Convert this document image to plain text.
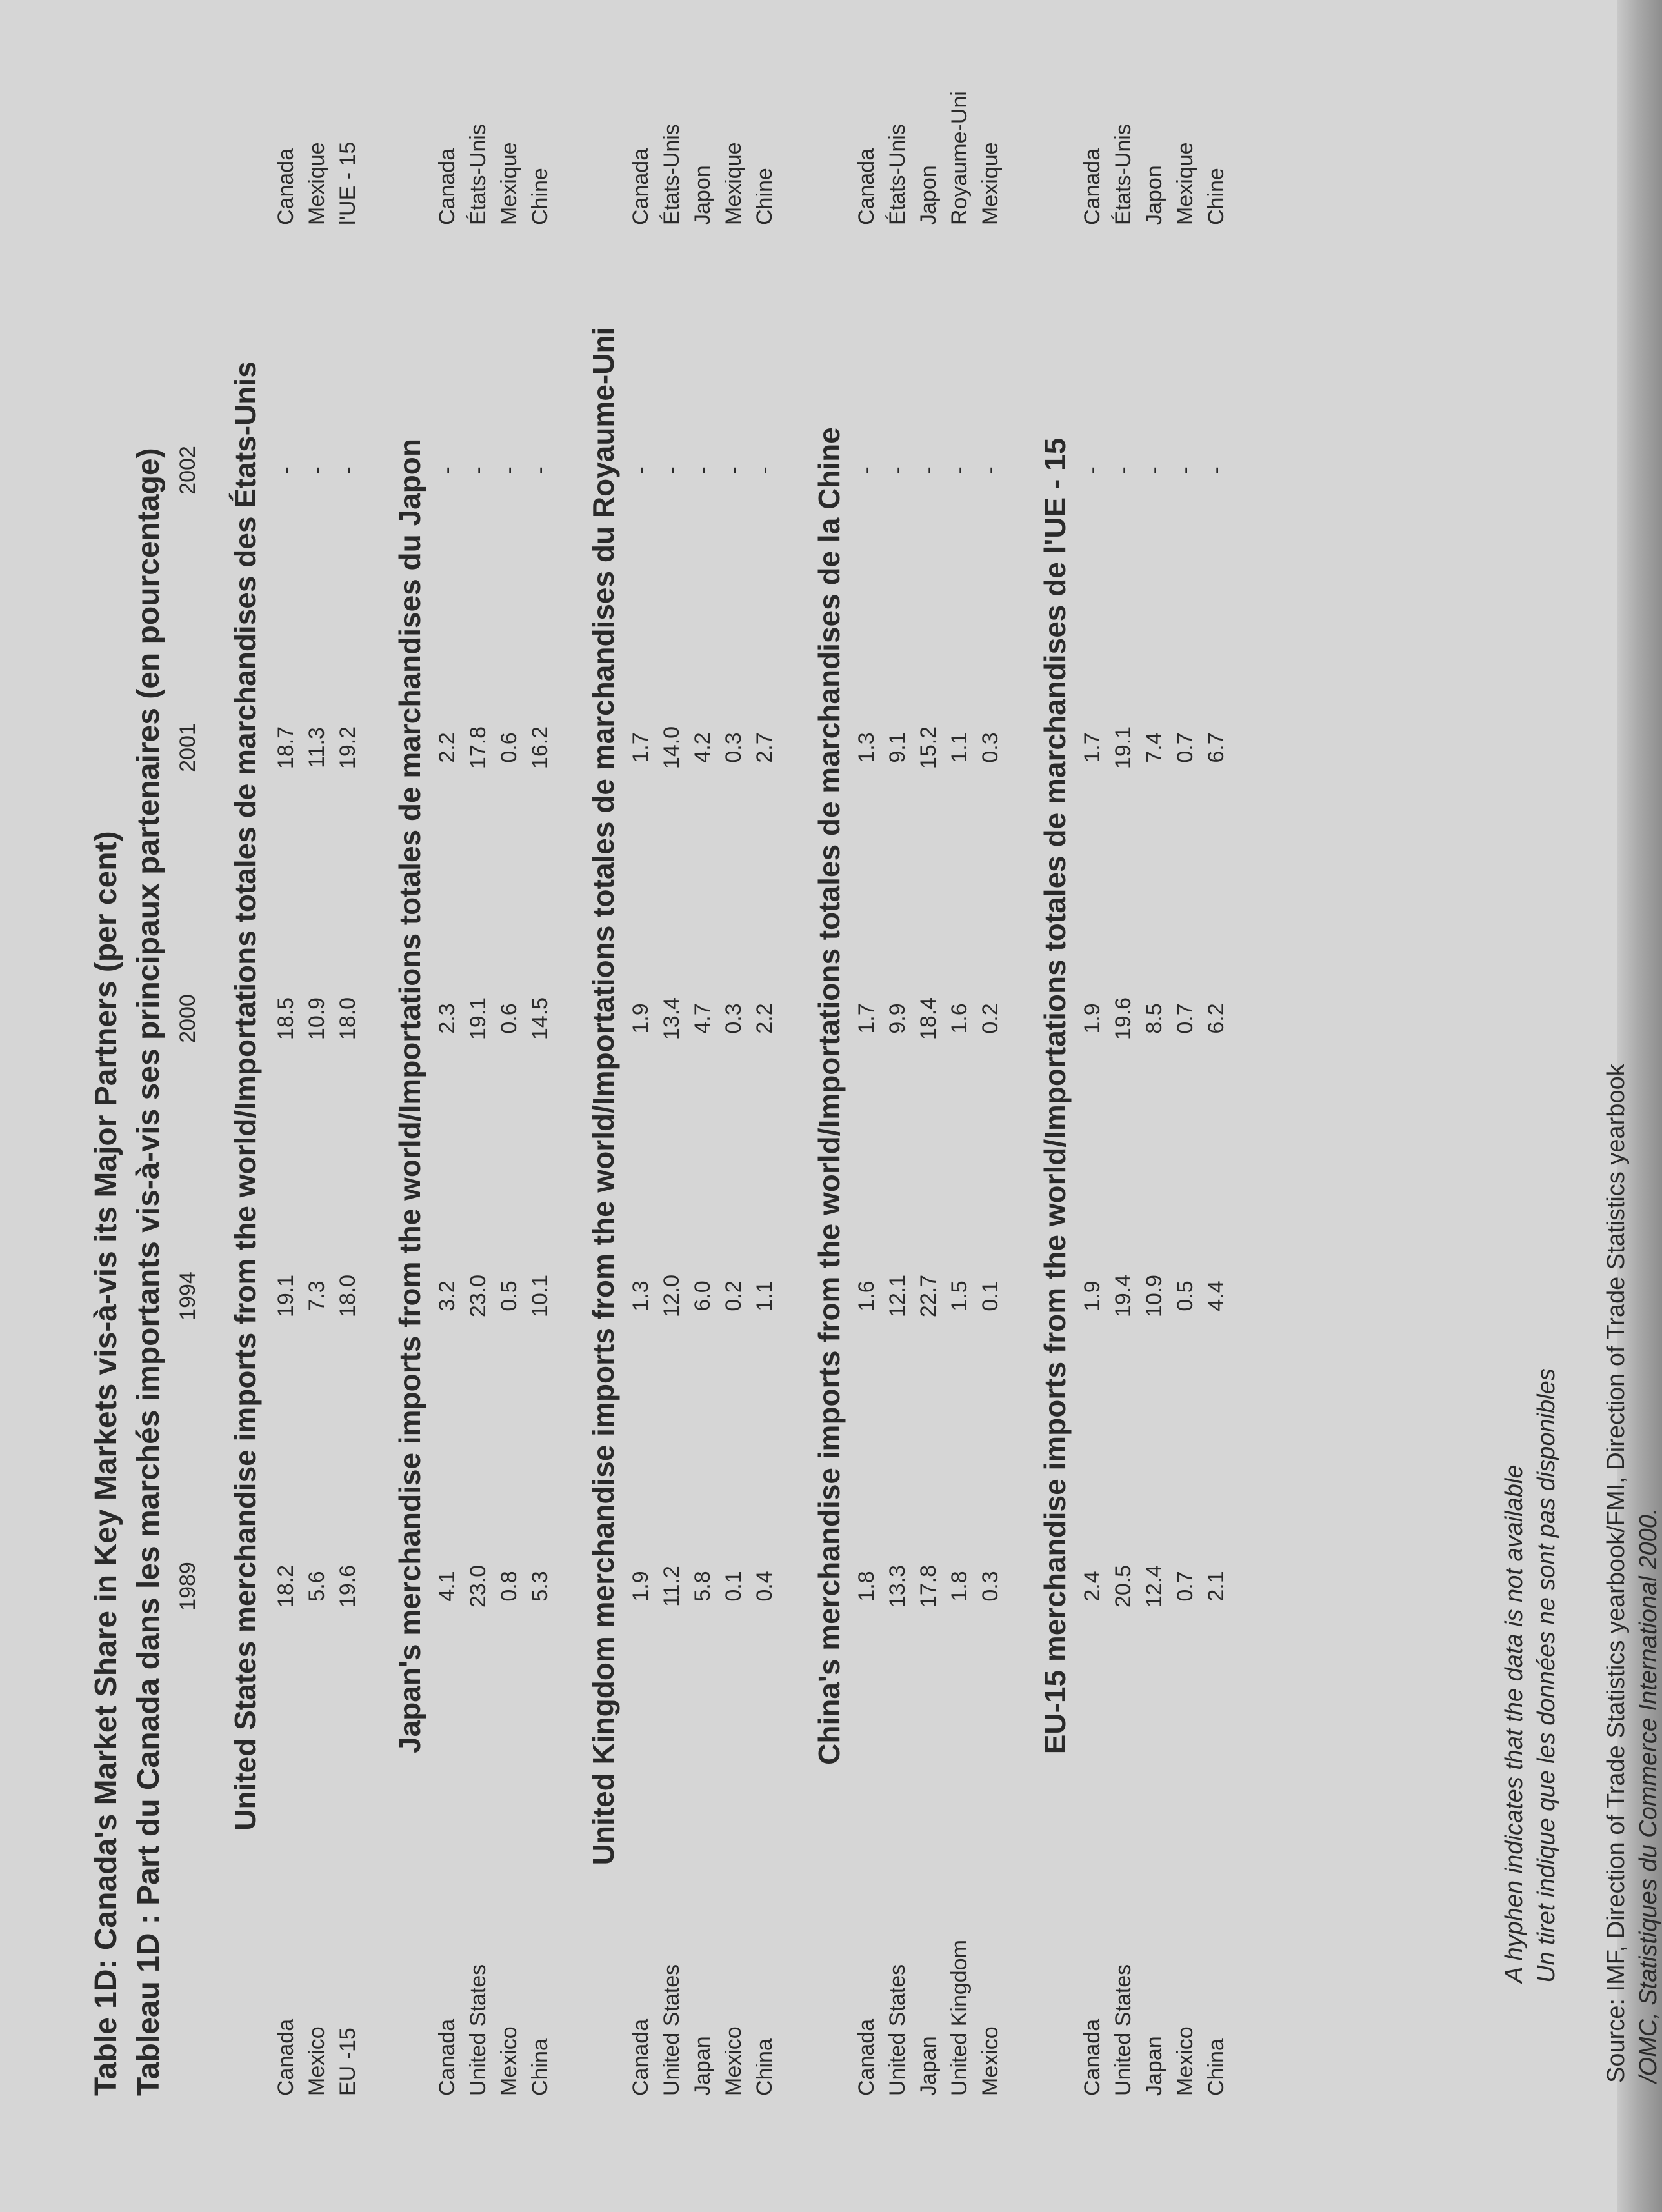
Table 1D: Canada's Market Share in Key Markets vis-à-vis its Major Partners (per cent) Tableau 1D : Part du Canada dans les marchés importants vis-à-vis ses principaux partenaires (en pourcentage) 1989
1994
2000
2001
2002 United States merchandise imports from the world/Importations totales de marchandises des États-Unis
Canada
18.2
19.1
18.5
18.7
-
Canada
Mexico
5.6
7.3
10.9
11.3
-
Mexique
EU -15
19.6
18.0
18.0
19.2
-
l'UE - 15
Japan's merchandise imports from the world/Importations totales de marchandises du Japon
Canada
4.1
3.2
2.3
2.2
-
Canada
United States
23.0
23.0
19.1
17.8
-
États-Unis
Mexico
0.8
0.5
0.6
0.6
-
Mexique
China
5.3
10.1
14.5
16.2
-
Chine
United Kingdom merchandise imports from the world/Importations totales de marchandises du Royaume-Uni
Canada
1.9
1.3
1.9
1.7
-
Canada
United States
11.2
12.0
13.4
14.0
-
États-Unis
Japan
5.8
6.0
4.7
4.2
-
Japon
Mexico
0.1
0.2
0.3
0.3
-
Mexique
China
0.4
1.1
2.2
2.7
-
Chine
China's merchandise imports from the world/Importations totales de marchandises de la Chine
Canada
1.8
1.6
1.7
1.3
-
Canada
United States
13.3
12.1
9.9
9.1
-
États-Unis
Japan
17.8
22.7
18.4
15.2
-
Japon
United Kingdom
1.8
1.5
1.6
1.1
-
Royaume-Uni
Mexico
0.3
0.1
0.2
0.3
-
Mexique
EU-15 merchandise imports from the world/Importations totales de marchandises de l'UE - 15
Canada
2.4
1.9
1.9
1.7
-
Canada
United States
20.5
19.4
19.6
19.1
-
États-Unis
Japan
12.4
10.9
8.5
7.4
-
Japon
Mexico
0.7
0.5
0.7
0.7
-
Mexique
China
2.1
4.4
6.2
6.7
-
Chine
A hyphen indicates that the data is not available Un tiret indique que les données ne sont pas disponibles Source: IMF, Direction of Trade Statistics yearbook/FMI, Direction of Trade Statistics yearbook /OMC, Statistiques du Commerce International 2000.
